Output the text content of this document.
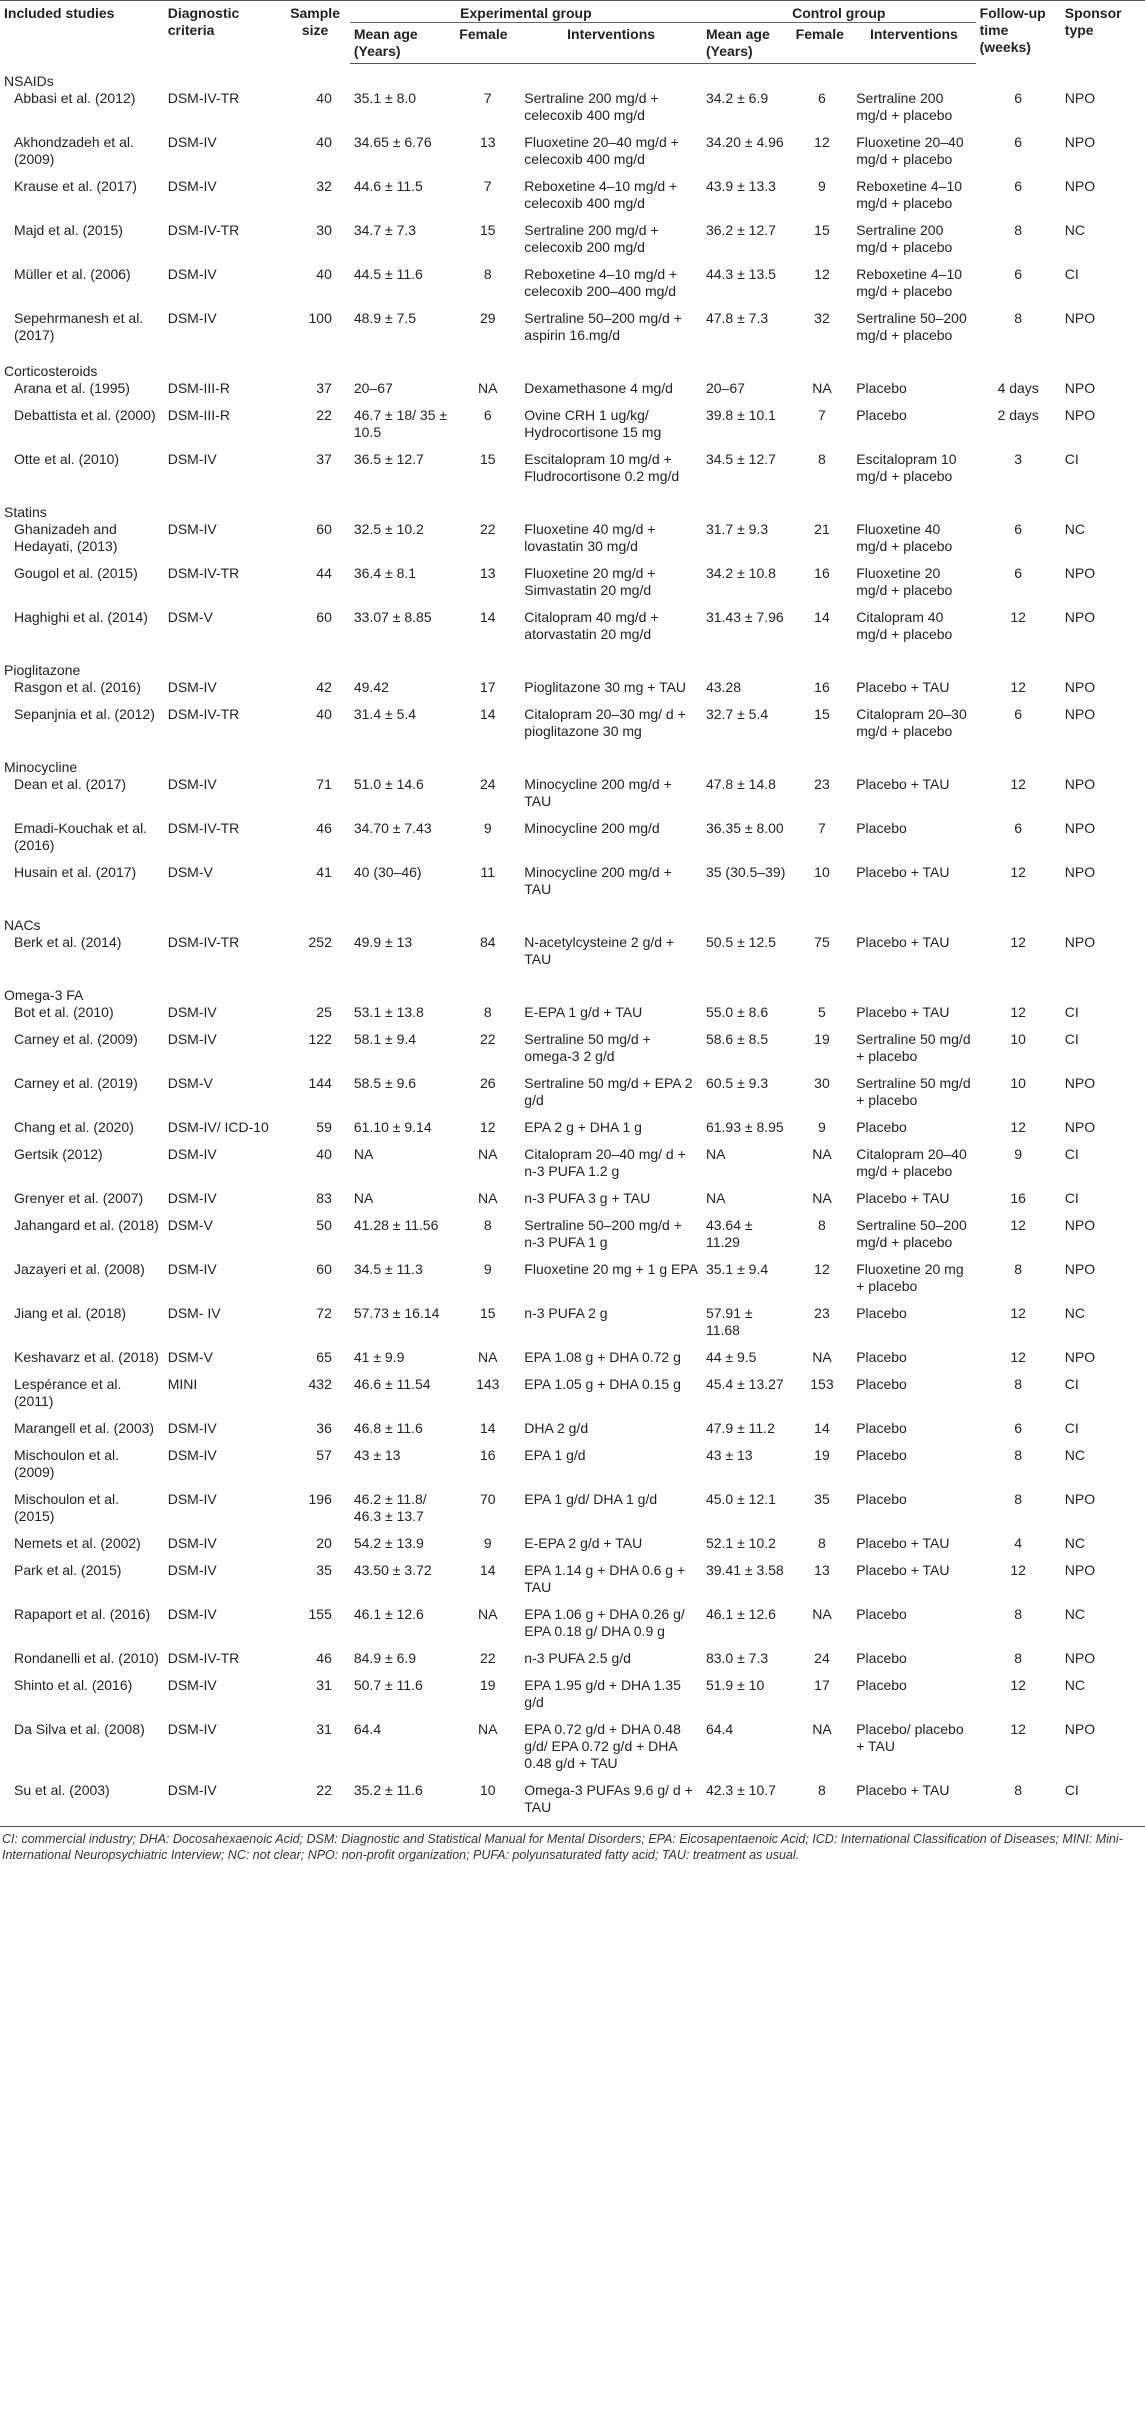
Included studies	Diagnostic criteria	Sample size	Experimental group			Control group			Follow-up time (weeks)	Sponsor type
			Mean age (Years)	Female	Interventions	Mean age (Years)	Female	Interventions		
NSAIDs										
Abbasi et al. (2012)	DSM-IV-TR	40	35.1 ± 8.0	7	Sertraline 200 mg/d + celecoxib 400 mg/d	34.2 ± 6.9	6	Sertraline 200 mg/d + placebo	6	NPO
Akhondzadeh et al. (2009)	DSM-IV	40	34.65 ± 6.76	13	Fluoxetine 20–40 mg/d + celecoxib 400 mg/d	34.20 ± 4.96	12	Fluoxetine 20–40 mg/d + placebo	6	NPO
Krause et al. (2017)	DSM-IV	32	44.6 ± 11.5	7	Reboxetine 4–10 mg/d + celecoxib 400 mg/d	43.9 ± 13.3	9	Reboxetine 4–10 mg/d + placebo	6	NPO
Majd et al. (2015)	DSM-IV-TR	30	34.7 ± 7.3	15	Sertraline 200 mg/d + celecoxib 200 mg/d	36.2 ± 12.7	15	Sertraline 200 mg/d + placebo	8	NC
Müller et al. (2006)	DSM-IV	40	44.5 ± 11.6	8	Reboxetine 4–10 mg/d + celecoxib 200–400 mg/d	44.3 ± 13.5	12	Reboxetine 4–10 mg/d + placebo	6	CI
Sepehrmanesh et al. (2017)	DSM-IV	100	48.9 ± 7.5	29	Sertraline 50–200 mg/d + aspirin 16.mg/d	47.8 ± 7.3	32	Sertraline 50–200 mg/d + placebo	8	NPO
Corticosteroids										
Arana et al. (1995)	DSM-III-R	37	20–67	NA	Dexamethasone 4 mg/d	20–67	NA	Placebo	4 days	NPO
Debattista et al. (2000)	DSM-III-R	22	46.7 ± 18/ 35 ± 10.5	6	Ovine CRH 1 ug/kg/ Hydrocortisone 15 mg	39.8 ± 10.1	7	Placebo	2 days	NPO
Otte et al. (2010)	DSM-IV	37	36.5 ± 12.7	15	Escitalopram 10 mg/d + Fludrocortisone 0.2 mg/d	34.5 ± 12.7	8	Escitalopram 10 mg/d + placebo	3	CI
Statins										
Ghanizadeh and Hedayati, (2013)	DSM-IV	60	32.5 ± 10.2	22	Fluoxetine 40 mg/d + lovastatin 30 mg/d	31.7 ± 9.3	21	Fluoxetine 40 mg/d + placebo	6	NC
Gougol et al. (2015)	DSM-IV-TR	44	36.4 ± 8.1	13	Fluoxetine 20 mg/d + Simvastatin 20 mg/d	34.2 ± 10.8	16	Fluoxetine 20 mg/d + placebo	6	NPO
Haghighi et al. (2014)	DSM-V	60	33.07 ± 8.85	14	Citalopram 40 mg/d + atorvastatin 20 mg/d	31.43 ± 7.96	14	Citalopram 40 mg/d + placebo	12	NPO
Pioglitazone										
Rasgon et al. (2016)	DSM-IV	42	49.42	17	Pioglitazone 30 mg + TAU	43.28	16	Placebo + TAU	12	NPO
Sepanjnia et al. (2012)	DSM-IV-TR	40	31.4 ± 5.4	14	Citalopram 20–30 mg/ d + pioglitazone 30 mg	32.7 ± 5.4	15	Citalopram 20–30 mg/d + placebo	6	NPO
Minocycline										
Dean et al. (2017)	DSM-IV	71	51.0 ± 14.6	24	Minocycline 200 mg/d + TAU	47.8 ± 14.8	23	Placebo + TAU	12	NPO
Emadi-Kouchak et al. (2016)	DSM-IV-TR	46	34.70 ± 7.43	9	Minocycline 200 mg/d	36.35 ± 8.00	7	Placebo	6	NPO
Husain et al. (2017)	DSM-V	41	40 (30–46)	11	Minocycline 200 mg/d + TAU	35 (30.5–39)	10	Placebo + TAU	12	NPO
NACs										
Berk et al. (2014)	DSM-IV-TR	252	49.9 ± 13	84	N-acetylcysteine 2 g/d + TAU	50.5 ± 12.5	75	Placebo + TAU	12	NPO
Omega-3 FA										
Bot et al. (2010)	DSM-IV	25	53.1 ± 13.8	8	E-EPA 1 g/d + TAU	55.0 ± 8.6	5	Placebo + TAU	12	CI
Carney et al. (2009)	DSM-IV	122	58.1 ± 9.4	22	Sertraline 50 mg/d + omega-3 2 g/d	58.6 ± 8.5	19	Sertraline 50 mg/d + placebo	10	CI
Carney et al. (2019)	DSM-V	144	58.5 ± 9.6	26	Sertraline 50 mg/d + EPA 2 g/d	60.5 ± 9.3	30	Sertraline 50 mg/d + placebo	10	NPO
Chang et al. (2020)	DSM-IV/ ICD-10	59	61.10 ± 9.14	12	EPA 2 g + DHA 1 g	61.93 ± 8.95	9	Placebo	12	NPO
Gertsik (2012)	DSM-IV	40	NA	NA	Citalopram 20–40 mg/ d + n-3 PUFA 1.2 g	NA	NA	Citalopram 20–40 mg/d + placebo	9	CI
Grenyer et al. (2007)	DSM-IV	83	NA	NA	n-3 PUFA 3 g + TAU	NA	NA	Placebo + TAU	16	CI
Jahangard et al. (2018)	DSM-V	50	41.28 ± 11.56	8	Sertraline 50–200 mg/d + n-3 PUFA 1 g	43.64 ± 11.29	8	Sertraline 50–200 mg/d + placebo	12	NPO
Jazayeri et al. (2008)	DSM-IV	60	34.5 ± 11.3	9	Fluoxetine 20 mg + 1 g EPA	35.1 ± 9.4	12	Fluoxetine 20 mg + placebo	8	NPO
Jiang et al. (2018)	DSM- IV	72	57.73 ± 16.14	15	n-3 PUFA 2 g	57.91 ± 11.68	23	Placebo	12	NC
Keshavarz et al. (2018)	DSM-V	65	41 ± 9.9	NA	EPA 1.08 g + DHA 0.72 g	44 ± 9.5	NA	Placebo	12	NPO
Lespérance et al. (2011)	MINI	432	46.6 ± 11.54	143	EPA 1.05 g + DHA 0.15 g	45.4 ± 13.27	153	Placebo	8	CI
Marangell et al. (2003)	DSM-IV	36	46.8 ± 11.6	14	DHA 2 g/d	47.9 ± 11.2	14	Placebo	6	CI
Mischoulon et al. (2009)	DSM-IV	57	43 ± 13	16	EPA 1 g/d	43 ± 13	19	Placebo	8	NC
Mischoulon et al. (2015)	DSM-IV	196	46.2 ± 11.8/ 46.3 ± 13.7	70	EPA 1 g/d/ DHA 1 g/d	45.0 ± 12.1	35	Placebo	8	NPO
Nemets et al. (2002)	DSM-IV	20	54.2 ± 13.9	9	E-EPA 2 g/d + TAU	52.1 ± 10.2	8	Placebo + TAU	4	NC
Park et al. (2015)	DSM-IV	35	43.50 ± 3.72	14	EPA 1.14 g + DHA 0.6 g + TAU	39.41 ± 3.58	13	Placebo + TAU	12	NPO
Rapaport et al. (2016)	DSM-IV	155	46.1 ± 12.6	NA	EPA 1.06 g + DHA 0.26 g/ EPA 0.18 g/ DHA 0.9 g	46.1 ± 12.6	NA	Placebo	8	NC
Rondanelli et al. (2010)	DSM-IV-TR	46	84.9 ± 6.9	22	n-3 PUFA 2.5 g/d	83.0 ± 7.3	24	Placebo	8	NPO
Shinto et al. (2016)	DSM-IV	31	50.7 ± 11.6	19	EPA 1.95 g/d + DHA 1.35 g/d	51.9 ± 10	17	Placebo	12	NC
Da Silva et al. (2008)	DSM-IV	31	64.4	NA	EPA 0.72 g/d + DHA 0.48 g/d/ EPA 0.72 g/d + DHA 0.48 g/d + TAU	64.4	NA	Placebo/ placebo + TAU	12	NPO
Su et al. (2003)	DSM-IV	22	35.2 ± 11.6	10	Omega-3 PUFAs 9.6 g/ d + TAU	42.3 ± 10.7	8	Placebo + TAU	8	CI
CI: commercial industry; DHA: Docosahexaenoic Acid; DSM: Diagnostic and Statistical Manual for Mental Disorders; EPA: Eicosapentaenoic Acid; ICD: International Classification of Diseases; MINI: Mini-International Neuropsychiatric Interview; NC: not clear; NPO: non-profit organization; PUFA: polyunsaturated fatty acid; TAU: treatment as usual.
